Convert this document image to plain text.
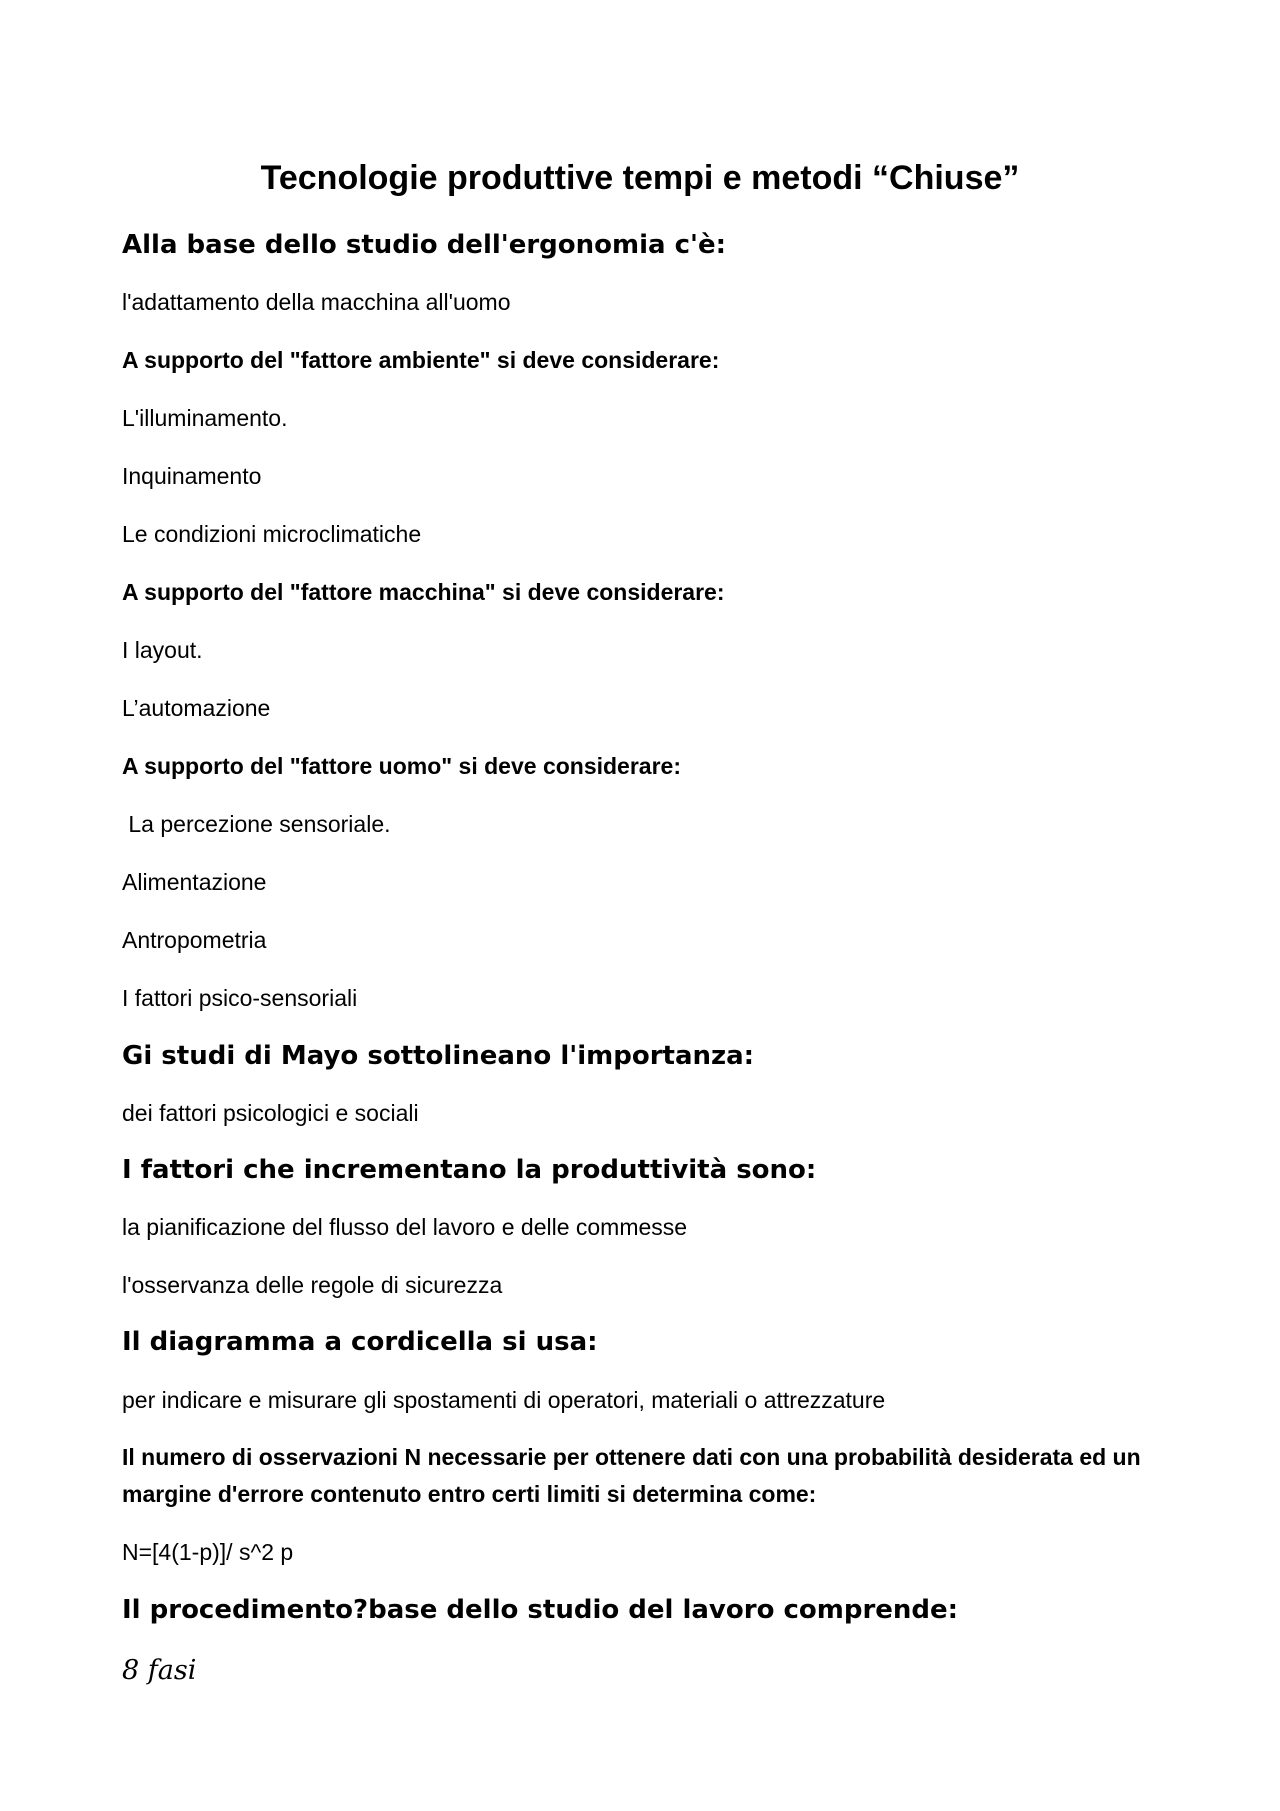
Tecnologie produttive tempi e metodi “Chiuse”
Alla base dello studio dell'ergonomia c'è:
l'adattamento della macchina all'uomo
A supporto del "fattore ambiente" si deve considerare:
L'illuminamento.
Inquinamento
Le condizioni microclimatiche
A supporto del "fattore macchina" si deve considerare:
I layout.
L’automazione
A supporto del "fattore uomo" si deve considerare:
La percezione sensoriale.
Alimentazione
Antropometria
I fattori psico-sensoriali
Gi studi di Mayo sottolineano l'importanza:
dei fattori psicologici e sociali
I fattori che incrementano la produttività sono:
la pianificazione del flusso del lavoro e delle commesse
l'osservanza delle regole di sicurezza
Il diagramma a cordicella si usa:
per indicare e misurare gli spostamenti di operatori, materiali o attrezzature
Il numero di osservazioni N necessarie per ottenere dati con una probabilità desiderata ed un margine d'errore contenuto entro certi limiti si determina come:
N=[4(1-p)]/ s^2 p
Il procedimento?base dello studio del lavoro comprende:
8 fasi
